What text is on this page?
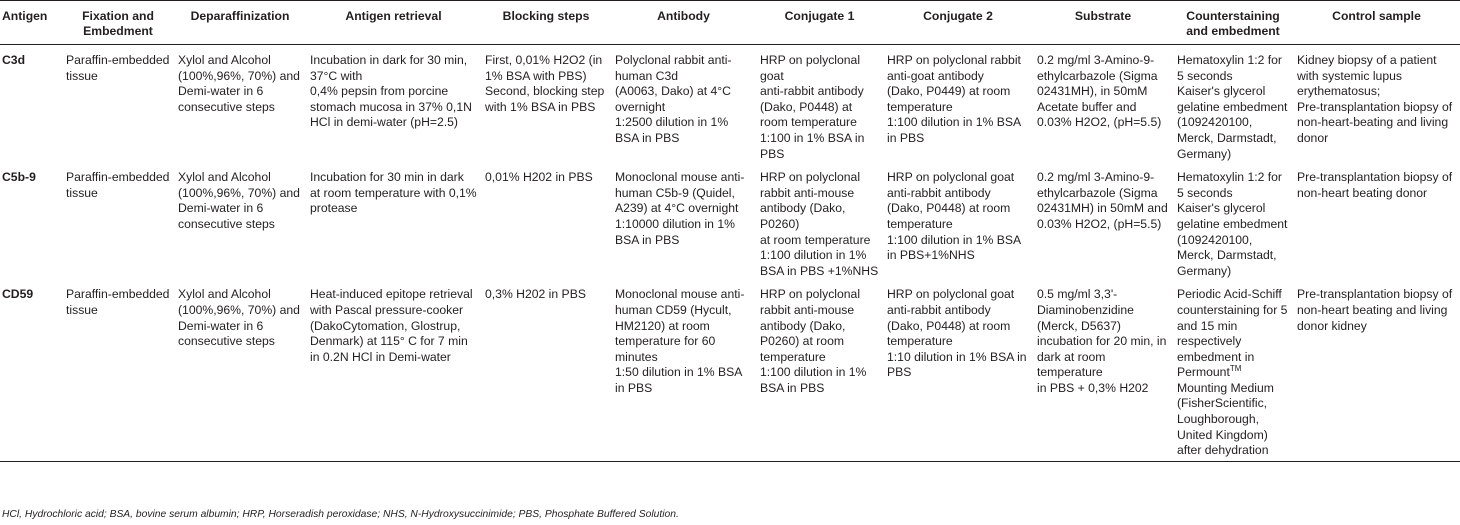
Antigen	Fixation and Embedment	Deparaffinization	Antigen retrieval	Blocking steps	Antibody	Conjugate 1	Conjugate 2	Substrate	Counterstaining and embedment	Control sample
C3d	Paraffin-embedded tissue	Xylol and Alcohol (100%,96%, 70%) and Demi-water in 6 consecutive steps	Incubation in dark for 30 min, 37°C with
0,4% pepsin from porcine stomach mucosa in 37% 0,1N HCl in demi-water (pH=2.5)	First, 0,01% H2O2 (in 1% BSA with PBS)
Second, blocking step with 1% BSA in PBS	Polyclonal rabbit anti-human C3d
(A0063, Dako) at 4°C overnight
1:2500 dilution in 1% BSA in PBS	HRP on polyclonal goat
anti-rabbit antibody (Dako, P0448) at room temperature
1:100 in 1% BSA in PBS	HRP on polyclonal rabbit anti-goat antibody
(Dako, P0449) at room temperature
1:100 dilution in 1% BSA in PBS	0.2 mg/ml 3-Amino-9-ethylcarbazole (Sigma 02431MH), in 50mM Acetate buffer and 0.03% H2O2, (pH=5.5)	Hematoxylin 1:2 for 5 seconds
Kaiser's glycerol gelatine embedment (1092420100, Merck, Darmstadt, Germany)	Kidney biopsy of a patient with systemic lupus erythematosus;
Pre-transplantation biopsy of non-heart-beating and living donor
C5b-9	Paraffin-embedded tissue	Xylol and Alcohol (100%,96%, 70%) and Demi-water in 6 consecutive steps	Incubation for 30 min in dark at room temperature with 0,1% protease	0,01% H202 in PBS	Monoclonal mouse anti-human C5b-9 (Quidel, A239) at 4°C overnight
1:10000 dilution in 1% BSA in PBS	HRP on polyclonal rabbit anti-mouse antibody (Dako, P0260)
at room temperature
1:100 dilution in 1% BSA in PBS +1%NHS	HRP on polyclonal goat
anti-rabbit antibody (Dako, P0448) at room temperature
1:100 dilution in 1% BSA in PBS+1%NHS	0.2 mg/ml 3-Amino-9-ethylcarbazole (Sigma 02431MH) in 50mM and 0.03% H2O2, (pH=5.5)	Hematoxylin 1:2 for 5 seconds
Kaiser's glycerol gelatine embedment (1092420100, Merck, Darmstadt, Germany)	Pre-transplantation biopsy of non-heart beating donor
CD59	Paraffin-embedded tissue	Xylol and Alcohol (100%,96%, 70%) and Demi-water in 6 consecutive steps	Heat-induced epitope retrieval with Pascal pressure-cooker (DakoCytomation, Glostrup, Denmark) at 115° C for 7 min in 0.2N HCl in Demi-water	0,3% H202 in PBS	Monoclonal mouse anti-human CD59 (Hycult, HM2120) at room temperature for 60 minutes
1:50 dilution in 1% BSA in PBS	HRP on polyclonal rabbit anti-mouse antibody (Dako, P0260) at room temperature
1:100 dilution in 1% BSA in PBS	HRP on polyclonal goat
anti-rabbit antibody (Dako, P0448) at room temperature
1:10 dilution in 1% BSA in PBS	0.5 mg/ml 3,3'-Diaminobenzidine (Merck, D5637) incubation for 20 min, in dark at room temperature
in PBS + 0,3% H202	Periodic Acid-Schiff counterstaining for 5 and 15 min respectively embedment in Permount™
Mounting Medium (FisherScientific, Loughborough, United Kingdom) after dehydration	Pre-transplantation biopsy of non-heart beating and living donor kidney
HCl, Hydrochloric acid; BSA, bovine serum albumin; HRP, Horseradish peroxidase; NHS, N-Hydroxysuccinimide; PBS, Phosphate Buffered Solution.
